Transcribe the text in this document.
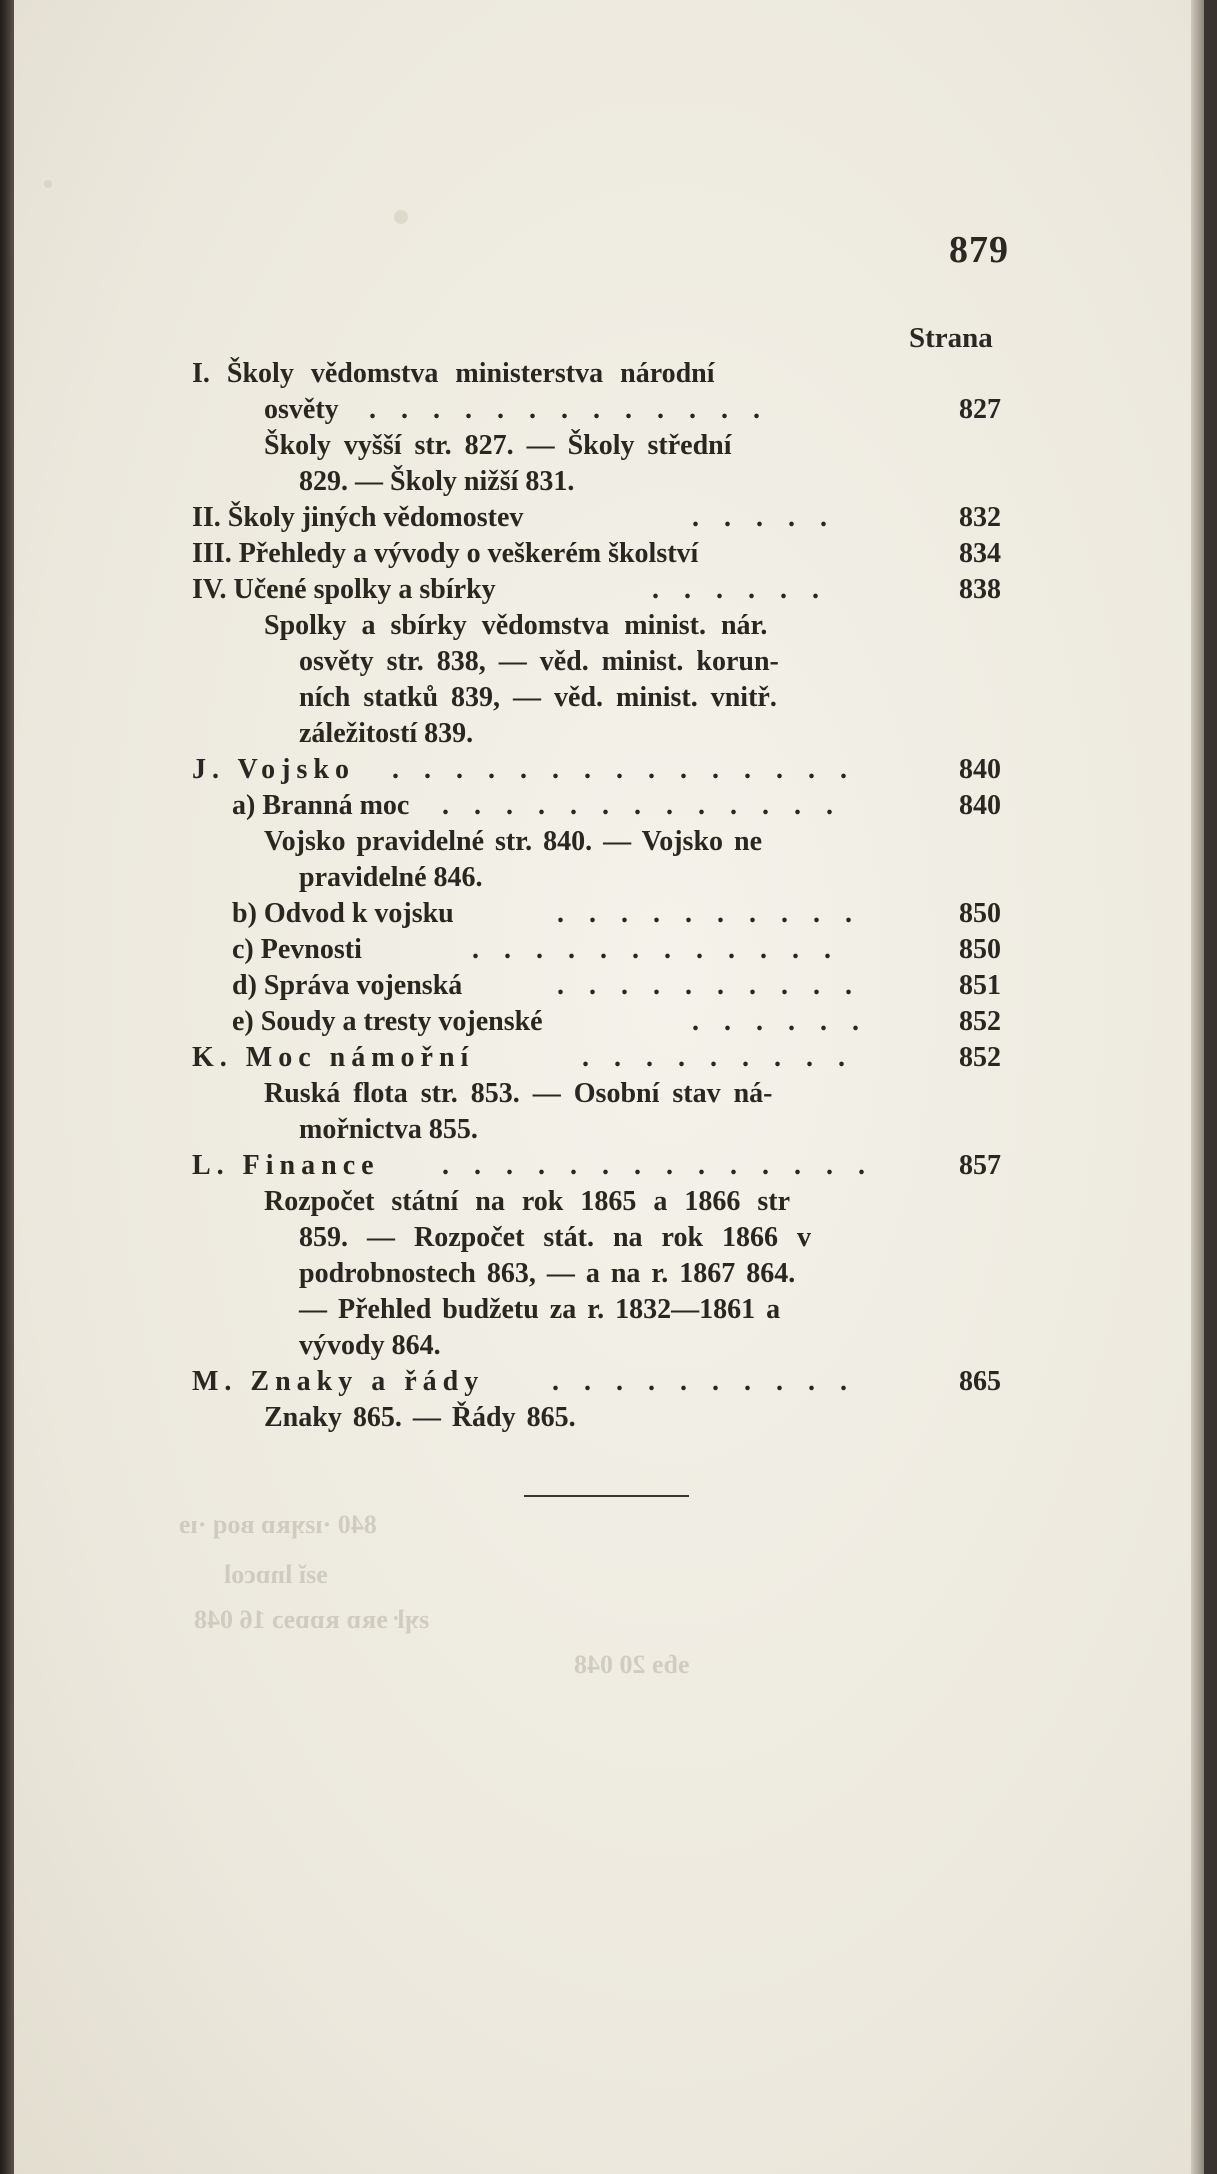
840 ·ıƨʞʀɒ ʙoq ·ıɘ
ɘƨĭ lnɒcol
ƨʞŀ ɘʀɒ ʀɒɒɘɔ 16 048
ɘɓɘ 20 048
879
Strana
I. Školy vědomstva ministerstva národní
osvěty . . . . . . . . . . . . .	827
Školy vyšší str. 827. — Školy střední
829. — Školy nižší 831.
II. Školy jiných vědomostev	. . . . .	832
III. Přehledy a vývody o veškerém školství	834
IV. Učené spolky a sbírky	. . . . . .	838
Spolky a sbírky vědomstva minist. nár.
osvěty str. 838, — věd. minist. korun-
ních statků 839, — věd. minist. vnitř.
záležitostí 839.
J. Vojsko . . . . . . . . . . . . . . .	840
a) Branná moc . . . . . . . . . . . . .	840
Vojsko pravidelné str. 840. — Vojsko ne
pravidelné 846.
b) Odvod k vojsku	. . . . . . . . . .	850
c) Pevnosti	. . . . . . . . . . . .	850
d) Správa vojenská	. . . . . . . . . .	851
e) Soudy a tresty vojenské	. . . . . .	852
K. Moc námořní	. . . . . . . . .	852
Ruská flota str. 853. — Osobní stav ná-
mořnictva 855.
L. Finance . . . . . . . . . . . . . .	857
Rozpočet státní na rok 1865 a 1866 str
859. — Rozpočet stát. na rok 1866 v
podrobnostech 863, — a na r. 1867 864.
— Přehled budžetu za r. 1832—1861 a
vývody 864.
M. Znaky a řády . . . . . . . . . .	865
Znaky 865. — Řády 865.
